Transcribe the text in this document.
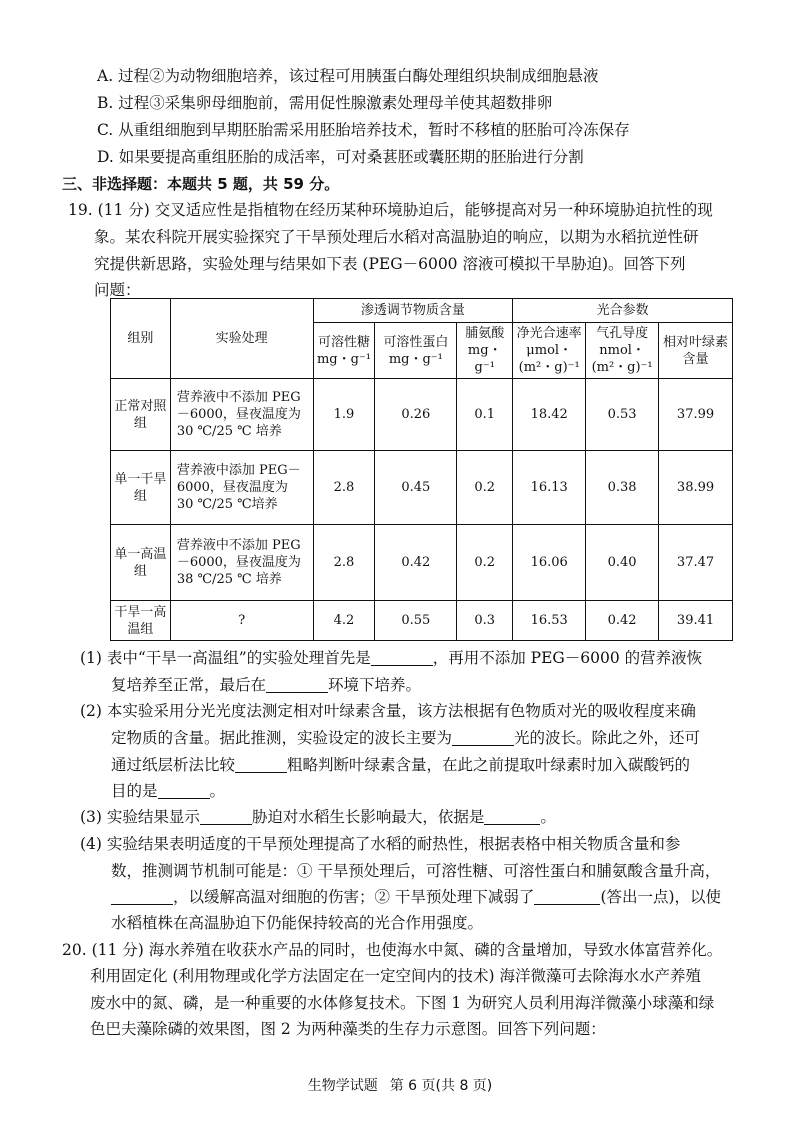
A. 过程②为动物细胞培养，该过程可用胰蛋白酶处理组织块制成细胞悬液
B. 过程③采集卵母细胞前，需用促性腺激素处理母羊使其超数排卵
C. 从重组细胞到早期胚胎需采用胚胎培养技术，暂时不移植的胚胎可冷冻保存
D. 如果要提高重组胚胎的成活率，可对桑葚胚或囊胚期的胚胎进行分割
三、非选择题：本题共 5 题，共 59 分。
19. (11 分) 交叉适应性是指植物在经历某种环境胁迫后，能够提高对另一种环境胁迫抗性的现
象。某农科院开展实验探究了干旱预处理后水稻对高温胁迫的响应，以期为水稻抗逆性研
究提供新思路，实验处理与结果如下表 (PEG－6000 溶液可模拟干旱胁迫)。回答下列
问题：
组别	实验处理	渗透调节物质含量			光合参数		
		可溶性糖 mg・g⁻¹	可溶性蛋白 mg・g⁻¹	脯氨酸 mg・g⁻¹	净光合速率 μmol・(m²・g)⁻¹	气孔导度 nmol・(m²・g)⁻¹	相对叶绿素含量
正常对照组	营养液中不添加 PEG－6000，昼夜温度为 30 ℃/25 ℃ 培养	1.9	0.26	0.1	18.42	0.53	37.99
单一干旱组	营养液中添加 PEG－6000，昼夜温度为 30 ℃/25 ℃培养	2.8	0.45	0.2	16.13	0.38	38.99
单一高温组	营养液中不添加 PEG－6000，昼夜温度为 38 ℃/25 ℃ 培养	2.8	0.42	0.2	16.06	0.40	37.47
干旱一高温组	?	4.2	0.55	0.3	16.53	0.42	39.41
(1) 表中“干旱一高温组”的实验处理首先是	，再用不添加 PEG－6000 的营养液恢
复培养至正常，最后在	环境下培养。
(2) 本实验采用分光光度法测定相对叶绿素含量，该方法根据有色物质对光的吸收程度来确
定物质的含量。据此推测，实验设定的波长主要为	光的波长。除此之外，还可
通过纸层析法比较	粗略判断叶绿素含量，在此之前提取叶绿素时加入碳酸钙的
目的是	。
(3) 实验结果显示	胁迫对水稻生长影响最大，依据是	。
(4) 实验结果表明适度的干旱预处理提高了水稻的耐热性，根据表格中相关物质含量和参
数，推测调节机制可能是：① 干旱预处理后，可溶性糖、可溶性蛋白和脯氨酸含量升高，
，以缓解高温对细胞的伤害；② 干旱预处理下减弱了	(答出一点)，以使
水稻植株在高温胁迫下仍能保持较高的光合作用强度。
20. (11 分) 海水养殖在收获水产品的同时，也使海水中氮、磷的含量增加，导致水体富营养化。
利用固定化 (利用物理或化学方法固定在一定空间内的技术) 海洋微藻可去除海水水产养殖
废水中的氮、磷，是一种重要的水体修复技术。下图 1 为研究人员利用海洋微藻小球藻和绿
色巴夫藻除磷的效果图，图 2 为两种藻类的生存力示意图。回答下列问题：
生物学试题 第 6 页(共 8 页)
